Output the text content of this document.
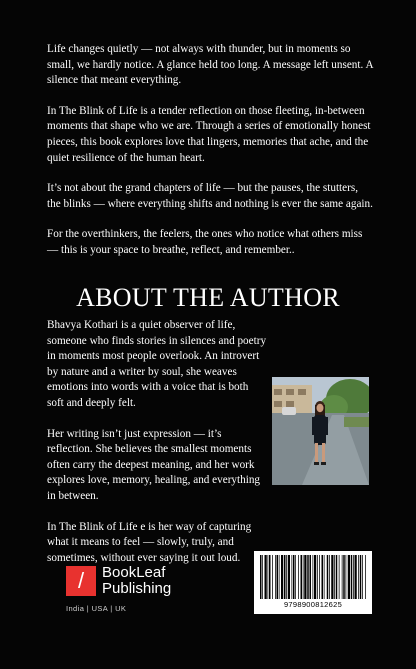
Life changes quietly — not always with thunder, but in moments so small, we hardly notice. A glance held too long. A message left unsent. A silence that meant everything.

In The Blink of Life is a tender reflection on those fleeting, in-between moments that shape who we are. Through a series of emotionally honest pieces, this book explores love that lingers, memories that ache, and the quiet resilience of the human heart.

It’s not about the grand chapters of life — but the pauses, the stutters, the blinks — where everything shifts and nothing is ever the same again.

For the overthinkers, the feelers, the ones who notice what others miss — this is your space to breathe, reflect, and remember..

ABOUT THE AUTHOR

Bhavya Kothari is a quiet observer of life, someone who finds stories in silences and poetry in moments most people overlook. An introvert by nature and a writer by soul, she weaves emotions into words with a voice that is both soft and deeply felt.

Her writing isn’t just expression — it’s reflection. She believes the smallest moments often carry the deepest meaning, and her work explores love, memory, healing, and everything in between.

In The Blink of Life e is her way of capturing what it means to feel — slowly, truly, and sometimes, without ever saying it out loud.

/	BookLeaf
Publishing
India | USA | UK	9798900812625
